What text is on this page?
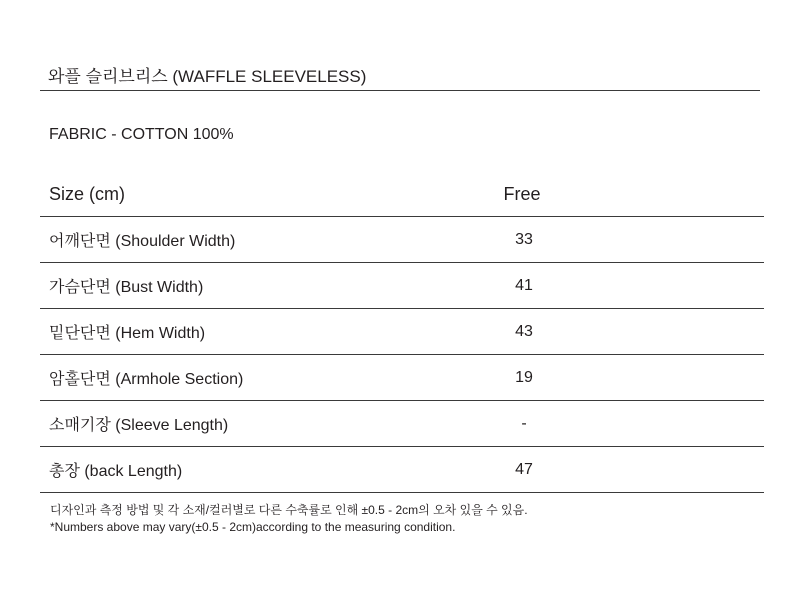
와플 슬리브리스 (WAFFLE SLEEVELESS)
FABRIC - COTTON 100%
Size (cm)	Free
어깨단면 (Shoulder Width)	33
가슴단면 (Bust Width)	41
밑단단면 (Hem Width)	43
암홀단면 (Armhole Section)	19
소매기장 (Sleeve Length)	-
총장 (back Length)	47
디자인과 측정 방법 및 각 소재/컬러별로 다른 수축률로 인해 ±0.5 - 2cm의 오차 있을 수 있음.
*Numbers above may vary(±0.5 - 2cm)according to the measuring condition.
